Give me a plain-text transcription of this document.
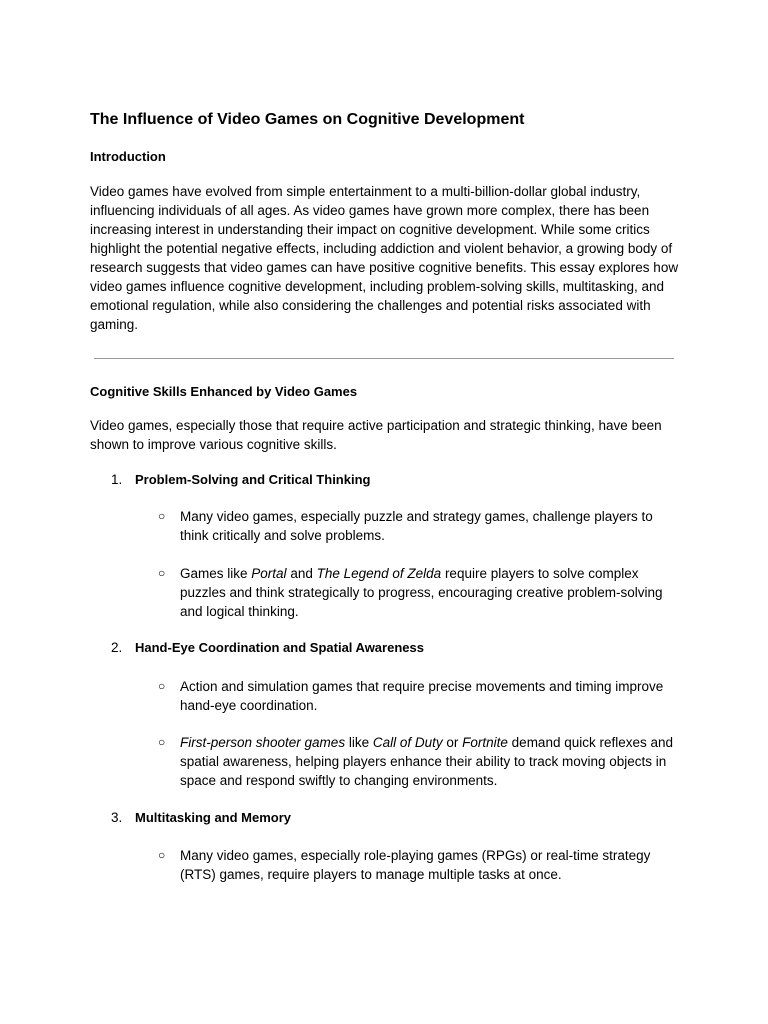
The Influence of Video Games on Cognitive Development
Introduction

Video games have evolved from simple entertainment to a multi-billion-dollar global industry, influencing individuals of all ages. As video games have grown more complex, there has been increasing interest in understanding their impact on cognitive development. While some critics highlight the potential negative effects, including addiction and violent behavior, a growing body of research suggests that video games can have positive cognitive benefits. This essay explores how video games influence cognitive development, including problem-solving skills, multitasking, and emotional regulation, while also considering the challenges and potential risks associated with gaming.

Cognitive Skills Enhanced by Video Games

Video games, especially those that require active participation and strategic thinking, have been shown to improve various cognitive skills.

1. Problem-Solving and Critical Thinking
○ Many video games, especially puzzle and strategy games, challenge players to think critically and solve problems.

○ Games like Portal and The Legend of Zelda require players to solve complex puzzles and think strategically to progress, encouraging creative problem-solving and logical thinking.

2. Hand-Eye Coordination and Spatial Awareness
○ Action and simulation games that require precise movements and timing improve hand-eye coordination.

○ First-person shooter games like Call of Duty or Fortnite demand quick reflexes and spatial awareness, helping players enhance their ability to track moving objects in space and respond swiftly to changing environments.

3. Multitasking and Memory
○ Many video games, especially role-playing games (RPGs) or real-time strategy (RTS) games, require players to manage multiple tasks at once.
